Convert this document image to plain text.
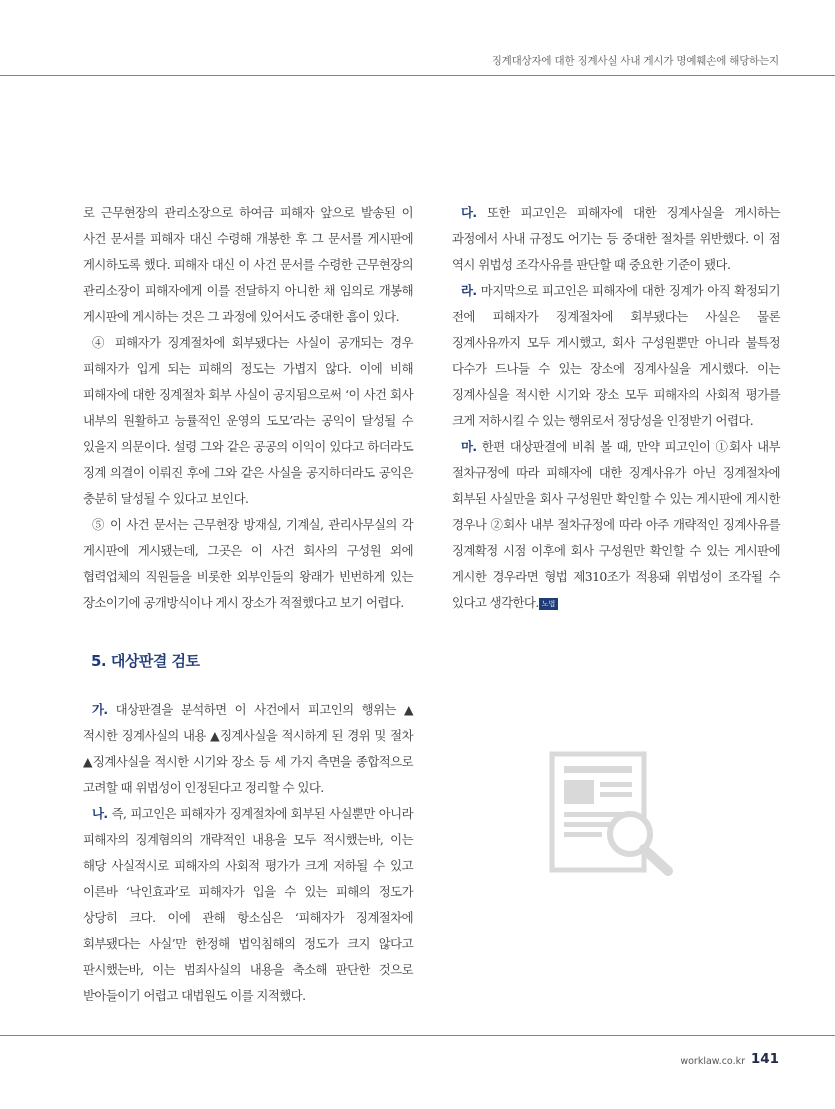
징계대상자에 대한 징계사실 사내 게시가 명예훼손에 해당하는지

로 근무현장의 관리소장으로 하여금 피해자 앞으로 발송된 이 사건 문서를 피해자 대신 수령해 개봉한 후 그 문서를 게시판에 게시하도록 했다. 피해자 대신 이 사건 문서를 수령한 근무현장의 관리소장이 피해자에게 이를 전달하지 아니한 채 임의로 개봉해 게시판에 게시하는 것은 그 과정에 있어서도 중대한 흠이 있다.

④ 피해자가 징계절차에 회부됐다는 사실이 공개되는 경우 피해자가 입게 되는 피해의 정도는 가볍지 않다. 이에 비해 피해자에 대한 징계절차 회부 사실이 공지됨으로써 ‘이 사건 회사 내부의 원활하고 능률적인 운영의 도모’라는 공익이 달성될 수 있을지 의문이다. 설령 그와 같은 공공의 이익이 있다고 하더라도 징계 의결이 이뤄진 후에 그와 같은 사실을 공지하더라도 공익은 충분히 달성될 수 있다고 보인다.

⑤ 이 사건 문서는 근무현장 방재실, 기계실, 관리사무실의 각 게시판에 게시됐는데, 그곳은 이 사건 회사의 구성원 외에 협력업체의 직원들을 비롯한 외부인들의 왕래가 빈번하게 있는 장소이기에 공개방식이나 게시 장소가 적절했다고 보기 어렵다.

5. 대상판결 검토

가. 대상판결을 분석하면 이 사건에서 피고인의 행위는 ▲적시한 징계사실의 내용 ▲징계사실을 적시하게 된 경위 및 절차 ▲징계사실을 적시한 시기와 장소 등 세 가지 측면을 종합적으로 고려할 때 위법성이 인정된다고 정리할 수 있다.

나. 즉, 피고인은 피해자가 징계절차에 회부된 사실뿐만 아니라 피해자의 징계혐의의 개략적인 내용을 모두 적시했는바, 이는 해당 사실적시로 피해자의 사회적 평가가 크게 저하될 수 있고 이른바 ‘낙인효과’로 피해자가 입을 수 있는 피해의 정도가 상당히 크다. 이에 관해 항소심은 ‘피해자가 징계절차에 회부됐다는 사실’만 한정해 법익침해의 정도가 크지 않다고 판시했는바, 이는 범죄사실의 내용을 축소해 판단한 것으로 받아들이기 어렵고 대법원도 이를 지적했다.

다. 또한 피고인은 피해자에 대한 징계사실을 게시하는 과정에서 사내 규정도 어기는 등 중대한 절차를 위반했다. 이 점 역시 위법성 조각사유를 판단할 때 중요한 기준이 됐다.

라. 마지막으로 피고인은 피해자에 대한 징계가 아직 확정되기 전에 피해자가 징계절차에 회부됐다는 사실은 물론 징계사유까지 모두 게시했고, 회사 구성원뿐만 아니라 불특정 다수가 드나들 수 있는 장소에 징계사실을 게시했다. 이는 징계사실을 적시한 시기와 장소 모두 피해자의 사회적 평가를 크게 저하시킬 수 있는 행위로서 정당성을 인정받기 어렵다.

마. 한편 대상판결에 비춰 볼 때, 만약 피고인이 ①회사 내부 절차규정에 따라 피해자에 대한 징계사유가 아닌 징계절차에 회부된 사실만을 회사 구성원만 확인할 수 있는 게시판에 게시한 경우나 ②회사 내부 절차규정에 따라 아주 개략적인 징계사유를 징계확정 시점 이후에 회사 구성원만 확인할 수 있는 게시판에 게시한 경우라면 형법 제310조가 적용돼 위법성이 조각될 수 있다고 생각한다. 노법

worklaw.co.kr 141
